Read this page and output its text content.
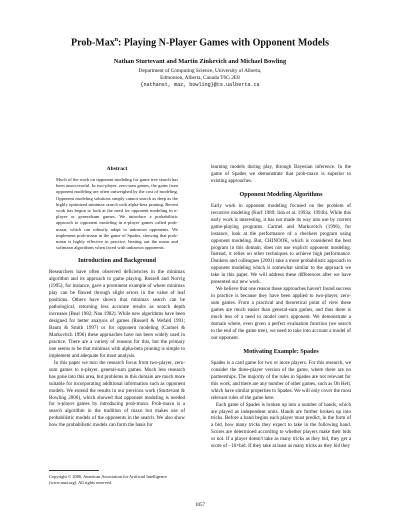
Prob-Max$^n$: Playing N-Player Games with Opponent Models
Nathan Sturtevant and Martin Zinkevich and Michael Bowling
Department of Computing Science, University of Alberta,
Edmonton, Alberta, Canada T6G 2E8
{nathanst, maz, bowling}@cs.ualberta.ca
Abstract

Much of the work on opponent modeling for game tree search has been unsuccessful. In two-player, zero-sum games, the gains from opponent modeling are often outweighed by the cost of modeling. Opponent modeling solutions simply cannot search as deep as the highly optimized minimax search with alpha-beta pruning. Recent work has begun to look at the need for opponent modeling in n-player or generalsum games. We introduce a probabilistic approach to opponent modeling in n-player games called prob-maxn, which can robustly adapt to unknown opponents. We implement prob-maxn in the game of Spades, showing that prob-maxn is highly effective in practice, beating out the maxn and softmaxn algorithms when faced with unknown opponents.

Introduction and Background

Researchers have often observed deficiencies in the minimax algorithm and its approach to game playing. Russell and Norvig (1995), for instance, gave a prominent example of where minimax play can be flawed through slight errors in the value of leaf positions. Others have shown that minimax search can be pathological, returning less accurate results as search depth increases (Beal 1982; Nau 1982). While new algorithms have been designed for better analysis of games (Russell & Wefald 1991; Baum & Smith 1997) or for opponent modeling (Carmel & Markovitch 1996) these approaches have not been widely used in practice. There are a variety of reasons for this, but the primary one seems to be that minimax with alpha-beta pruning is simple to implement and adequate for most analysis.

In this paper we turn the research focus from two-player, zero-sum games to n-player, general-sum games. Much less research has gone into this area, but problems in this domain are much more suitable for incorporating additional information such as opponent models. We extend the results in our previous work (Sturtevant & Bowling 2006), which showed that opponent modeling is needed for n-player games by introducing prob-maxn. Prob-maxn is a search algorithm in the tradition of maxn but makes use of probabilistic models of the opponents in the search. We also show how the probabilistic models can form the basis for

learning models during play, through Bayesian inference. In the game of Spades we demonstrate that prob-maxn is superior to existing approaches.

Opponent Modeling Algorithms

Early work in opponent modeling focused on the problem of recursive modeling (Korf 1989; Iida et al. 1993a; 1993b). While this early work is interesting, it has not made its way into use by current game-playing programs. Carmel and Markovitch (1996), for instance, look at the performance of a checkers program using opponent modeling. But, CHINOOK, which is considered the best program in this domain, does not use explicit opponent modeling. Instead, it relies on other techniques to achieve high performance. Donkers and colleagues (2001) take a more probabilistic approach to opponent modeling which is somewhat similar to the approach we take in this paper. We will address these differences after we have presented our new work.

We believe that one reason these approaches haven't found success in practice is because they have been applied to two-player, zero-sum games. From a practical and theoretical point of view these games are much easier than general-sum games, and thus there is much less of a need to model one's opponent. We demonstrate a domain where, even given a perfect evaluation function (we search to the end of the game tree), we need to take into account a model of our opponent.

Motivating Example: Spades

Spades is a card game for two or more players. For this research, we consider the three-player version of the game, where there are no partnerships. The majority of the rules in Spades are not relevant for this work, and there are any number of other games, such as Oh Hell, which have similar properties to Spades. We will only cover the most relevant rules of the game here.

Each game of Spades is broken up into a number of hands, which are played as independent units. Hands are further broken up into tricks. Before a hand begins each player must predict, in the form of a bid, how many tricks they expect to take in the following hand. Scores are determined according to whether players make their bids or not. If a player doesn't take as many tricks as they bid, they get a score of −10×bid. If they take at least as many tricks as they bid they

Copyright © 2006, American Association for Artificial Intelligence (www.aaai.org). All rights reserved.
1057
